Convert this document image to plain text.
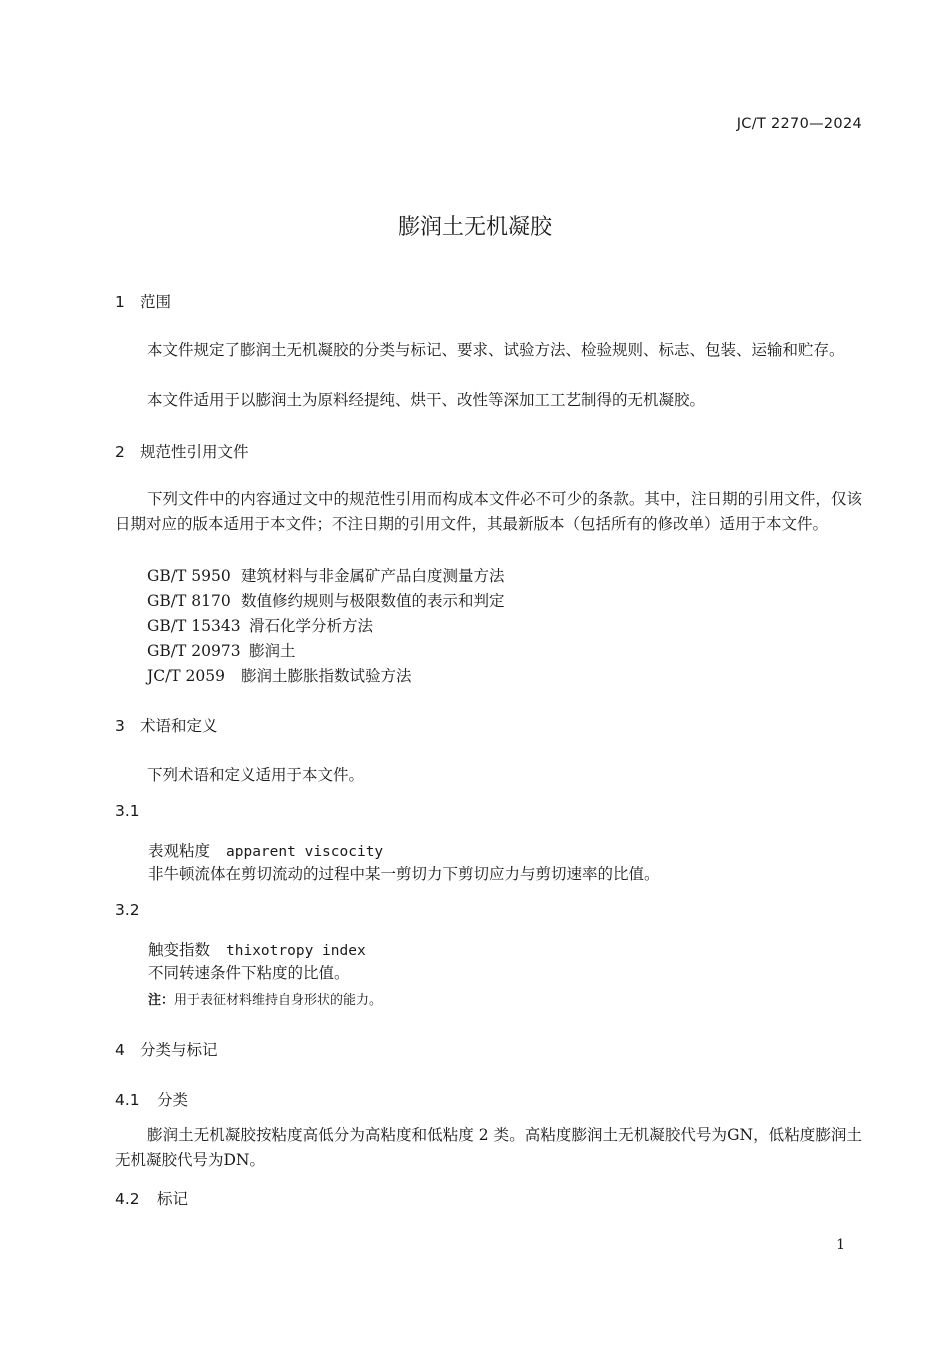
JC/T 2270—2024
膨润土无机凝胶
1 范围
本文件规定了膨润土无机凝胶的分类与标记、要求、试验方法、检验规则、标志、包装、运输和贮存。
本文件适用于以膨润土为原料经提纯、烘干、改性等深加工工艺制得的无机凝胶。
2 规范性引用文件
下列文件中的内容通过文中的规范性引用而构成本文件必不可少的条款。其中，注日期的引用文件，仅该日期对应的版本适用于本文件；不注日期的引用文件，其最新版本（包括所有的修改单）适用于本文件。
GB/T 5950 建筑材料与非金属矿产品白度测量方法
GB/T 8170 数值修约规则与极限数值的表示和判定
GB/T 15343 滑石化学分析方法
GB/T 20973 膨润土
JC/T 2059 膨润土膨胀指数试验方法
3 术语和定义
下列术语和定义适用于本文件。
3.1
表观粘度 apparent viscocity
非牛顿流体在剪切流动的过程中某一剪切力下剪切应力与剪切速率的比值。
3.2
触变指数 thixotropy index
不同转速条件下粘度的比值。
注：用于表征材料维持自身形状的能力。
4 分类与标记
4.1 分类
膨润土无机凝胶按粘度高低分为高粘度和低粘度 2 类。高粘度膨润土无机凝胶代号为GN，低粘度膨润土无机凝胶代号为DN。
4.2 标记
1
